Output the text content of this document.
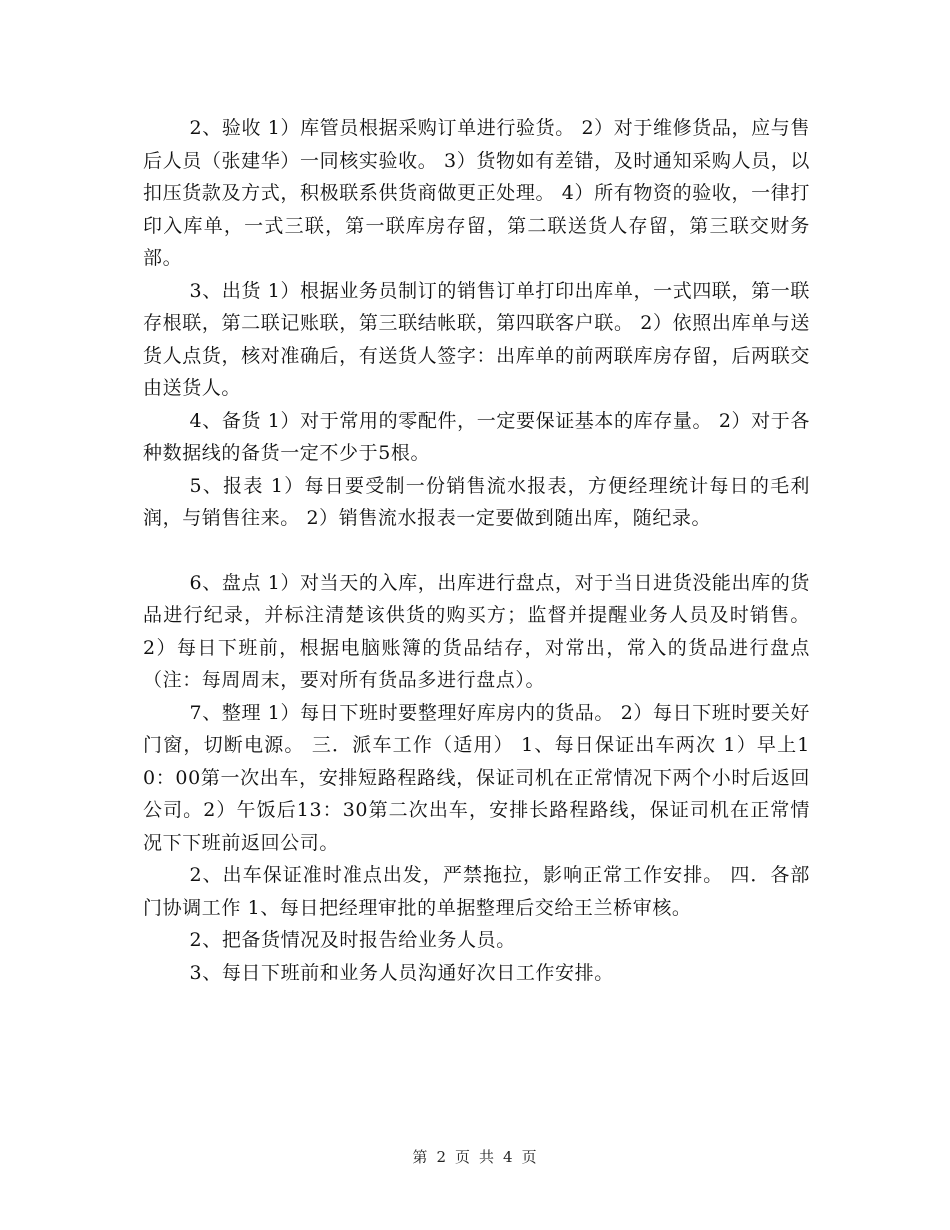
2、验收 1）库管员根据采购订单进行验货。 2）对于维修货品，应与售后人员（张建华）一同核实验收。 3）货物如有差错，及时通知采购人员，以扣压货款及方式，积极联系供货商做更正处理。 4）所有物资的验收，一律打印入库单，一式三联，第一联库房存留，第二联送货人存留，第三联交财务部。

3、出货 1）根据业务员制订的销售订单打印出库单，一式四联，第一联存根联，第二联记账联，第三联结帐联，第四联客户联。 2）依照出库单与送货人点货，核对准确后，有送货人签字：出库单的前两联库房存留，后两联交由送货人。

4、备货 1）对于常用的零配件，一定要保证基本的库存量。 2）对于各种数据线的备货一定不少于5根。

5、报表 1）每日要受制一份销售流水报表，方便经理统计每日的毛利润，与销售往来。 2）销售流水报表一定要做到随出库，随纪录。

6、盘点 1）对当天的入库，出库进行盘点，对于当日进货没能出库的货品进行纪录，并标注清楚该供货的购买方；监督并提醒业务人员及时销售。 2）每日下班前，根据电脑账簿的货品结存，对常出，常入的货品进行盘点（注：每周周末，要对所有货品多进行盘点）。

7、整理 1）每日下班时要整理好库房内的货品。 2）每日下班时要关好门窗，切断电源。 三．派车工作（适用） 1、每日保证出车两次 1）早上10：00第一次出车，安排短路程路线，保证司机在正常情况下两个小时后返回公司。2）午饭后13：30第二次出车，安排长路程路线，保证司机在正常情况下下班前返回公司。

2、出车保证准时准点出发，严禁拖拉，影响正常工作安排。 四．各部门协调工作 1、每日把经理审批的单据整理后交给王兰桥审核。

2、把备货情况及时报告给业务人员。

3、每日下班前和业务人员沟通好次日工作安排。

第 2 页 共 4 页
